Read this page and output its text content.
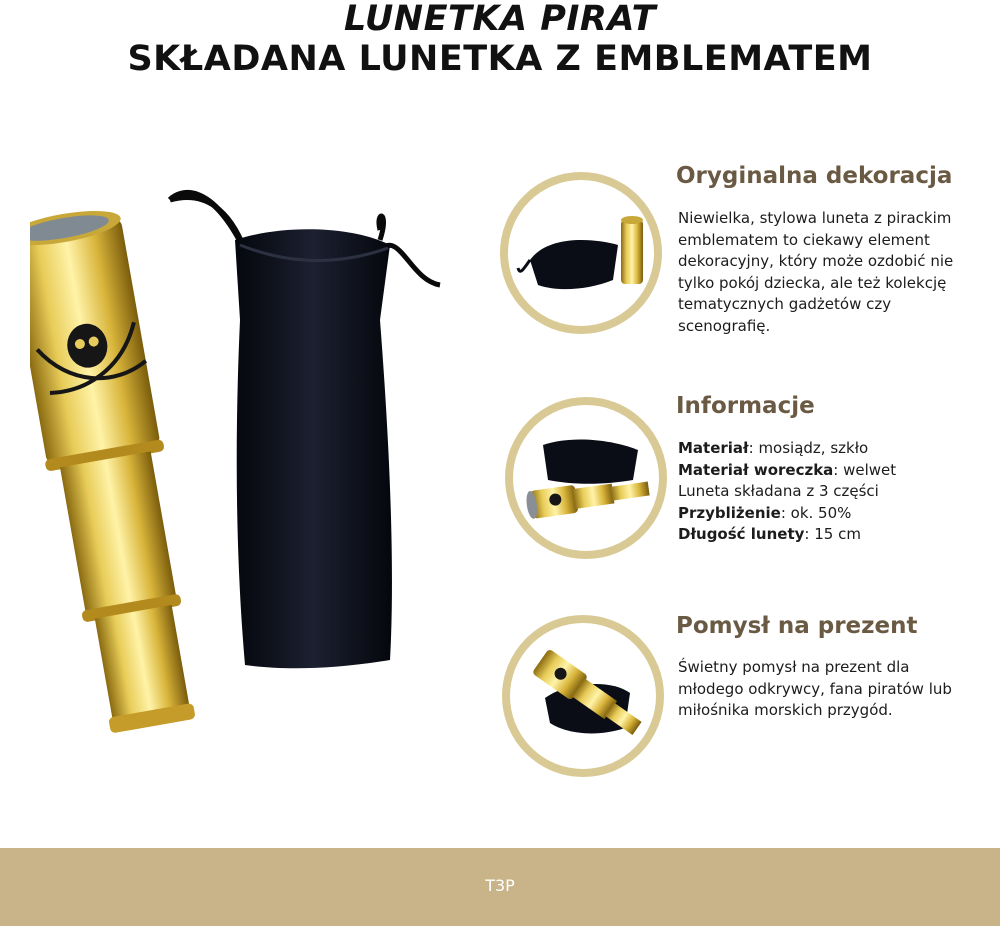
LUNETKA PIRAT
SKŁADANA LUNETKA Z EMBLEMATEM
Oryginalna dekoracja
Niewielka, stylowa luneta z pirackim emblematem to ciekawy element dekoracyjny, który może ozdobić nie tylko pokój dziecka, ale też kolekcję tematycznych gadżetów czy scenografię.
Informacje
Materiał: mosiądz, szkło
Materiał woreczka: welwet
Luneta składana z 3 części
Przybliżenie: ok. 50%
Długość lunety: 15 cm
Pomysł na prezent
Świetny pomysł na prezent dla młodego odkrywcy, fana piratów lub miłośnika morskich przygód.
T3P
